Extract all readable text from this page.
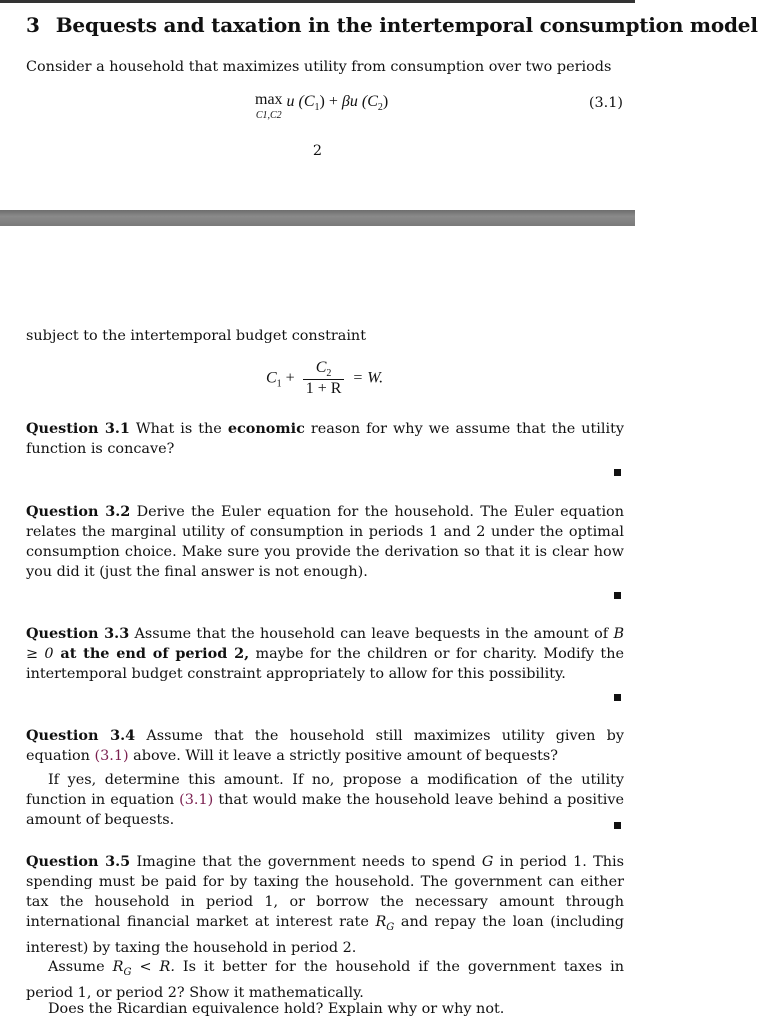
3 Bequests and taxation in the intertemporal consumption model

Consider a household that maximizes utility from consumption over two periods

max
C1,C2 u $(C_1) + \beta u$ $(C_2)$	(3.1)
2

subject to the intertemporal budget constraint

$C_1 + \frac{C_2}{1 + R} = W$.

Question 3.1 What is the economic reason for why we assume that the utility function is concave?

Question 3.2 Derive the Euler equation for the household. The Euler equation relates the marginal utility of consumption in periods 1 and 2 under the optimal consumption choice. Make sure you provide the derivation so that it is clear how you did it (just the final answer is not enough).

Question 3.3 Assume that the household can leave bequests in the amount of B ≥ 0 at the end of period 2, maybe for the children or for charity. Modify the intertemporal budget constraint appropriately to allow for this possibility.

Question 3.4 Assume that the household still maximizes utility given by equation (3.1) above. Will it leave a strictly positive amount of bequests?

If yes, determine this amount. If no, propose a modification of the utility function in equation (3.1) that would make the household leave behind a positive amount of bequests.

Question 3.5 Imagine that the government needs to spend G in period 1. This spending must be paid for by taxing the household. The government can either tax the household in period 1, or borrow the necessary amount through international financial market at interest rate $R_G$ and repay the loan (including interest) by taxing the household in period 2.

Assume $R_G < R$. Is it better for the household if the government taxes in period 1, or period 2? Show it mathematically.

Does the Ricardian equivalence hold? Explain why or why not.
